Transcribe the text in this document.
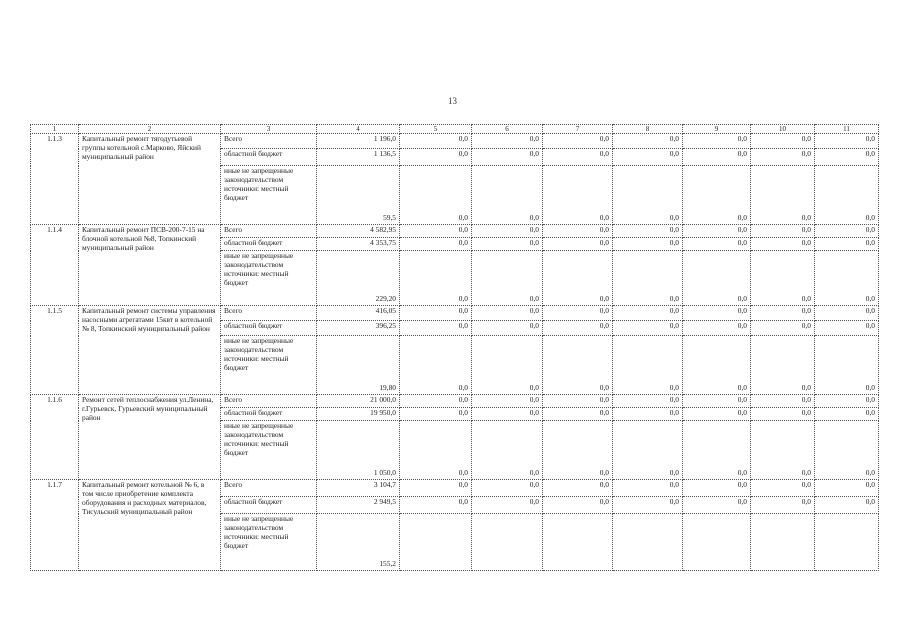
13
1	2	3	4	5	6	7	8	9	10	11
1.1.3	Капитальный ремонт тягодутьевой группы котельной с.Марково, Яйский муниципальный район	Всего	1 196,0	0,0	0,0	0,0	0,0	0,0	0,0	0,0
		областной бюджет	1 136,5	0,0	0,0	0,0	0,0	0,0	0,0	0,0
		иные не запрещенные законодательством источники: местный бюджет	59,5	0,0	0,0	0,0	0,0	0,0	0,0	0,0
1.1.4	Капитальный ремонт ПСВ-200-7-15 на блочной котельной №8, Топкинский муниципальный район	Всего	4 582,95	0,0	0,0	0,0	0,0	0,0	0,0	0,0
		областной бюджет	4 353,75	0,0	0,0	0,0	0,0	0,0	0,0	0,0
		иные не запрещенные законодательством источники: местный бюджет	229,20	0,0	0,0	0,0	0,0	0,0	0,0	0,0
1.1.5	Капитальный ремонт системы управления насосными агрегатами 15квт в котельной № 8, Топкинский муниципальный район	Всего	416,05	0,0	0,0	0,0	0,0	0,0	0,0	0,0
		областной бюджет	396,25	0,0	0,0	0,0	0,0	0,0	0,0	0,0
		иные не запрещенные законодательством источники: местный бюджет	19,80	0,0	0,0	0,0	0,0	0,0	0,0	0,0
1.1.6	Ремонт сетей теплоснабжения ул.Ленина, г.Гурьевск, Гурьевский муниципальный район	Всего	21 000,0	0,0	0,0	0,0	0,0	0,0	0,0	0,0
		областной бюджет	19 950,0	0,0	0,0	0,0	0,0	0,0	0,0	0,0
		иные не запрещенные законодательством источники: местный бюджет	1 050,0	0,0	0,0	0,0	0,0	0,0	0,0	0,0
1.1.7	Капитальный ремонт котельной № 6, в том числе приобретение комплекта оборудования и расходных материалов, Тисульский муниципальный район	Всего	3 104,7	0,0	0,0	0,0	0,0	0,0	0,0	0,0
		областной бюджет	2 949,5	0,0	0,0	0,0	0,0	0,0	0,0	0,0
		иные не запрещенные законодательством источники: местный бюджет	155,2							
